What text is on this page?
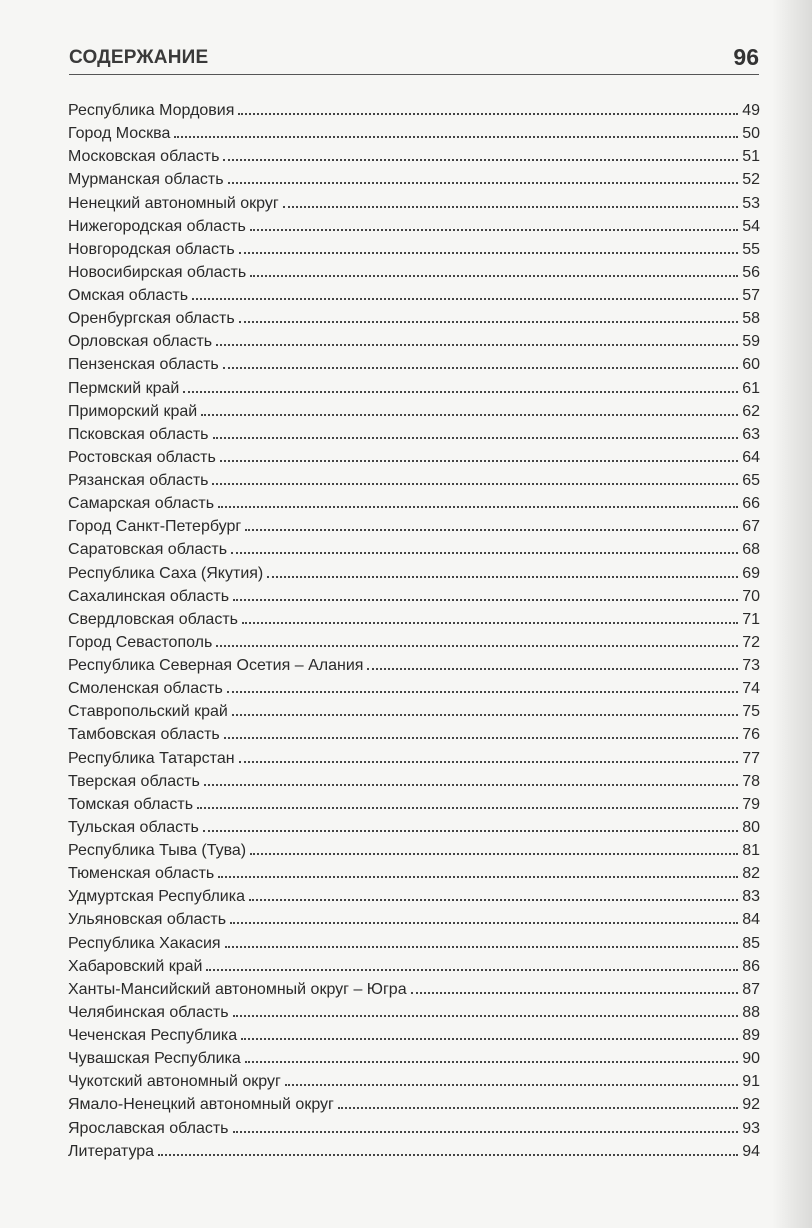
СОДЕРЖАНИЕ	96
Республика Мордовия	49
Город Москва	50
Московская область	51
Мурманская область	52
Ненецкий автономный округ	53
Нижегородская область	54
Новгородская область	55
Новосибирская область	56
Омская область	57
Оренбургская область	58
Орловская область	59
Пензенская область	60
Пермский край	61
Приморский край	62
Псковская область	63
Ростовская область	64
Рязанская область	65
Самарская область	66
Город Санкт-Петербург	67
Саратовская область	68
Республика Саха (Якутия)	69
Сахалинская область	70
Свердловская область	71
Город Севастополь	72
Республика Северная Осетия – Алания	73
Смоленская область	74
Ставропольский край	75
Тамбовская область	76
Республика Татарстан	77
Тверская область	78
Томская область	79
Тульская область	80
Республика Тыва (Тува)	81
Тюменская область	82
Удмуртская Республика	83
Ульяновская область	84
Республика Хакасия	85
Хабаровский край	86
Ханты-Мансийский автономный округ – Югра	87
Челябинская область	88
Чеченская Республика	89
Чувашская Республика	90
Чукотский автономный округ	91
Ямало-Ненецкий автономный округ	92
Ярославская область	93
Литература	94
